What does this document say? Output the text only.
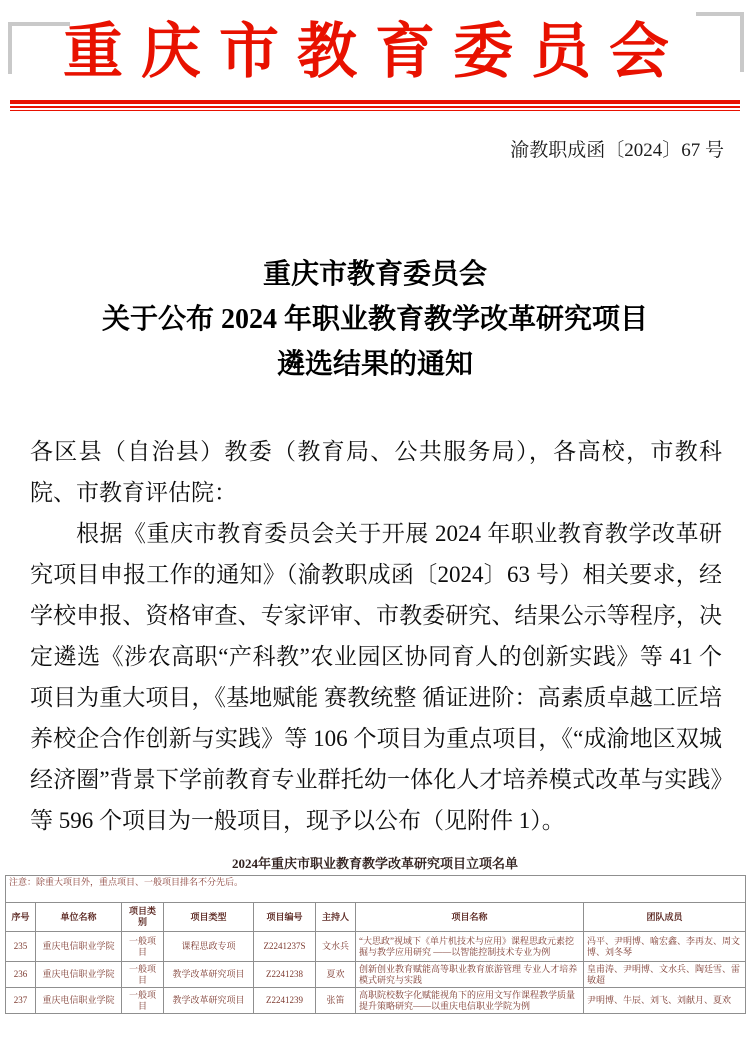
重庆市教育委员会
渝教职成函〔2024〕67 号
重庆市教育委员会
关于公布 2024 年职业教育教学改革研究项目
遴选结果的通知

各区县（自治县）教委（教育局、公共服务局），各高校，市教科院、市教育评估院：

根据《重庆市教育委员会关于开展 2024 年职业教育教学改革研究项目申报工作的通知》（渝教职成函〔2024〕63 号）相关要求，经学校申报、资格审查、专家评审、市教委研究、结果公示等程序，决定遴选《涉农高职“产科教”农业园区协同育人的创新实践》等 41 个项目为重大项目，《基地赋能 赛教统整 循证进阶：高素质卓越工匠培养校企合作创新与实践》等 106 个项目为重点项目，《“成渝地区双城经济圈”背景下学前教育专业群托幼一体化人才培养模式改革与实践》等 596 个项目为一般项目，现予以公布（见附件 1）。

2024年重庆市职业教育教学改革研究项目立项名单
注意：除重大项目外，重点项目、一般项目排名不分先后。							
序号	单位名称	项目类别	项目类型	项目编号	主持人	项目名称	团队成员
235	重庆电信职业学院	一般项目	课程思政专项	Z2241237S	文水兵	“大思政”视域下《单片机技术与应用》课程思政元素挖掘与教学应用研究 ——以智能控制技术专业为例	冯平、尹明博、喻宏鑫、李再友、周文博、刘冬琴
236	重庆电信职业学院	一般项目	教学改革研究项目	Z2241238	夏欢	创新创业教育赋能高等职业教育旅游管理 专业人才培养模式研究与实践	皇甫涛、尹明博、文水兵、陶廷雪、雷敏超
237	重庆电信职业学院	一般项目	教学改革研究项目	Z2241239	张笛	高职院校数字化赋能视角下的应用文写作课程教学质量提升策略研究——以重庆电信职业学院为例	尹明博、牛辰、刘飞、刘献月、夏欢
